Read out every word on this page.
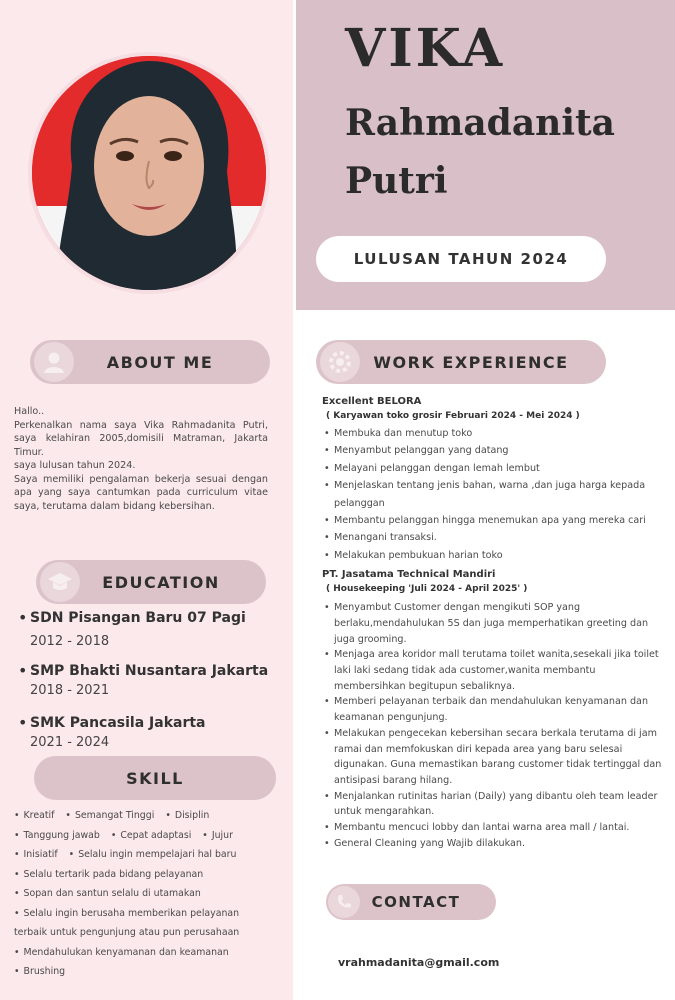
VIKA
Rahmadanita
Putri
LULUSAN TAHUN 2024
ABOUT ME

Hallo..

Perkenalkan nama saya Vika Rahmadanita Putri, saya kelahiran 2005,domisili Matraman, Jakarta Timur.

saya lulusan tahun 2024.

Saya memiliki pengalaman bekerja sesuai dengan apa yang saya cantumkan pada curriculum vitae saya, terutama dalam bidang kebersihan.

EDUCATION
• SDN Pisangan Baru 07 Pagi
2012 - 2018
• SMP Bhakti Nusantara Jakarta
2018 - 2021
• SMK Pancasila Jakarta
2021 - 2024
SKILL
• Kreatif • Semangat Tinggi • Disiplin
• Tanggung jawab • Cepat adaptasi • Jujur
• Inisiatif • Selalu ingin mempelajari hal baru
• Selalu tertarik pada bidang pelayanan
• Sopan dan santun selalu di utamakan
• Selalu ingin berusaha memberikan pelayanan terbaik untuk pengunjung atau pun perusahaan
• Mendahulukan kenyamanan dan keamanan
• Brushing
WORK EXPERIENCE
Excellent BELORA
( Karyawan toko grosir Februari 2024 - Mei 2024 )
• Membuka dan menutup toko
• Menyambut pelanggan yang datang
• Melayani pelanggan dengan lemah lembut
• Menjelaskan tentang jenis bahan, warna ,dan juga harga kepada pelanggan
• Membantu pelanggan hingga menemukan apa yang mereka cari
• Menangani transaksi.
• Melakukan pembukuan harian toko
PT. Jasatama Technical Mandiri
( Housekeeping 'Juli 2024 - April 2025' )
• Menyambut Customer dengan mengikuti SOP yang berlaku,mendahulukan 5S dan juga memperhatikan greeting dan juga grooming.
• Menjaga area koridor mall terutama toilet wanita,sesekali jika toilet laki laki sedang tidak ada customer,wanita membantu membersihkan begitupun sebaliknya.
• Memberi pelayanan terbaik dan mendahulukan kenyamanan dan keamanan pengunjung.
• Melakukan pengecekan kebersihan secara berkala terutama di jam ramai dan memfokuskan diri kepada area yang baru selesai digunakan. Guna memastikan barang customer tidak tertinggal dan antisipasi barang hilang.
• Menjalankan rutinitas harian (Daily) yang dibantu oleh team leader untuk mengarahkan.
• Membantu mencuci lobby dan lantai warna area mall / lantai.
• General Cleaning yang Wajib dilakukan.
CONTACT
vrahmadanita@gmail.com
